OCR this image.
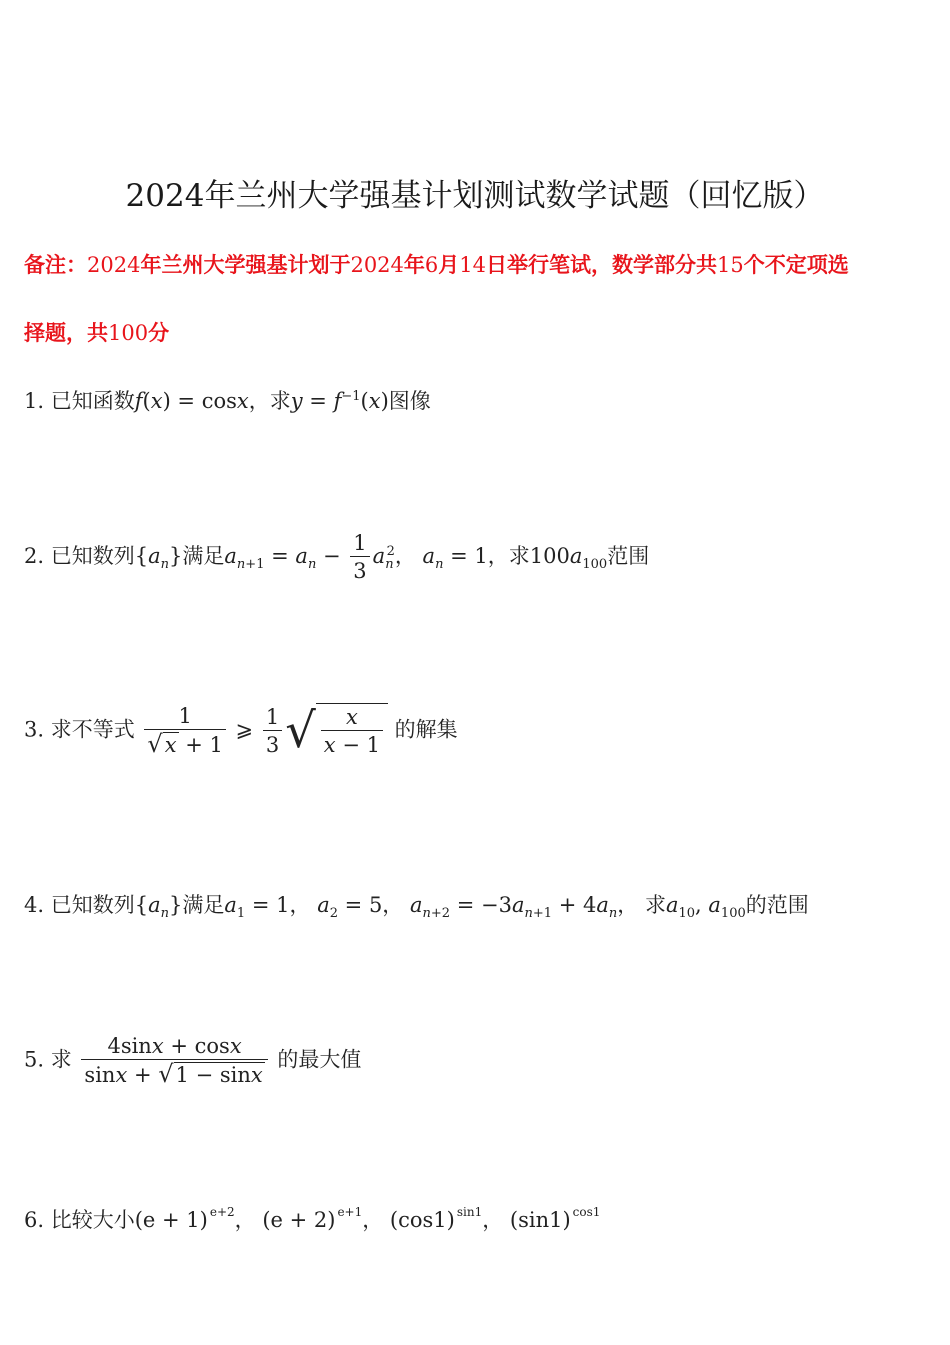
2024年兰州大学强基计划测试数学试题（回忆版）
备注：2024年兰州大学强基计划于2024年6月14日举行笔试，数学部分共15个不定项选
择题，共100分
1. 已知函数f(x) = cosx，求$y = f^{-1}(x)$图像
2. 已知数列$\{a_n\}$满足$a_{n+1} = a_n - \frac{1}{3} a_n^2$， $a_n = 1$，求$100a_{100}$范围
3. 求不等式 $\frac{1}{√x + 1}$ ⩾ $\frac{1}{3}$ √ $\frac{x}{x - 1}$ 的解集
4. 已知数列$\{a_n\}$满足$a_1 = 1$， $a_2 = 5$， $a_{n+2} = -3a_{n+1} + 4a_n$， 求$a_{10}$, $a_{100}$的范围
5. 求 $\frac{4\sin x + \cos x}{\sin x + √1 - \sin x}$ 的最大值
6. 比较大小(e + 1) $^{e+2}$， (e + 2) $^{e+1}$， (cos1) $^{sin1}$， (sin1) $^{cos1}$
